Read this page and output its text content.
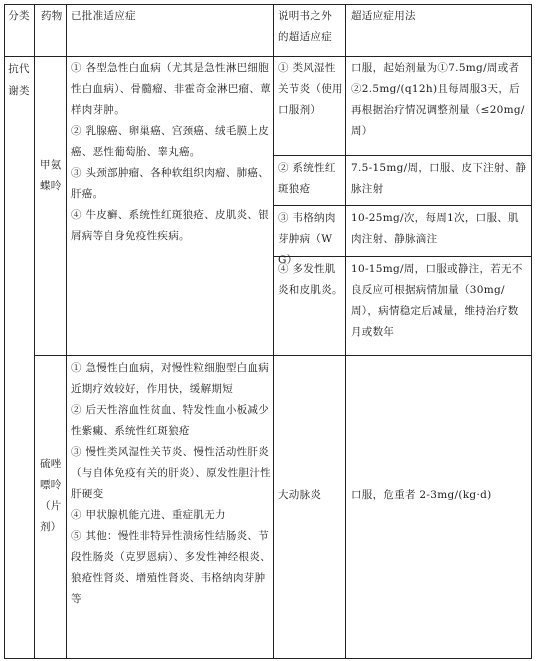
分类 药物 已批准适应症	说明书之外的超适应症
超适应症用法
抗代谢类
甲氨蝶呤
① 各型急性白血病（尤其是急性淋巴细胞性白血病）、骨髓瘤、非霍奇金淋巴瘤、蕈样肉芽肿。
② 乳腺癌、卵巢癌、宫颈癌、绒毛膜上皮癌、恶性葡萄胎、睾丸癌。
③ 头颈部肿瘤、各种软组织肉瘤、肺癌、肝癌。
④ 牛皮癣、系统性红斑狼疮、皮肌炎、银屑病等自身免疫性疾病。
① 类风湿性关节炎（使用口服剂）
口服，起始剂量为①7.5mg/周或者②2.5mg/(q12h)且每周服3天，后再根据治疗情况调整剂量（≤20mg/周）
② 系统性红斑狼疮
7.5-15mg/周，口服、皮下注射、静脉注射
③ 韦格纳肉芽肿病（WG）
10-25mg/次，每周1次，口服、肌肉注射、静脉滴注
④ 多发性肌炎和皮肌炎。
10-15mg/周，口服或静注，若无不良反应可根据病情加量（30mg/周），病情稳定后减量，维持治疗数月或数年
硫唑嘌呤（片剂）
① 急慢性白血病，对慢性粒细胞型白血病近期疗效较好，作用快，缓解期短
② 后天性溶血性贫血、特发性血小板减少性紫癜、系统性红斑狼疮
③ 慢性类风湿性关节炎、慢性活动性肝炎（与自体免疫有关的肝炎）、原发性胆汁性肝硬变
④ 甲状腺机能亢进、重症肌无力
⑤ 其他：慢性非特异性溃疡性结肠炎、节段性肠炎（克罗恩病）、多发性神经根炎、狼疮性肾炎、增殖性肾炎、韦格纳肉芽肿等
大动脉炎	口服，危重者 2-3mg/(kg·d)
